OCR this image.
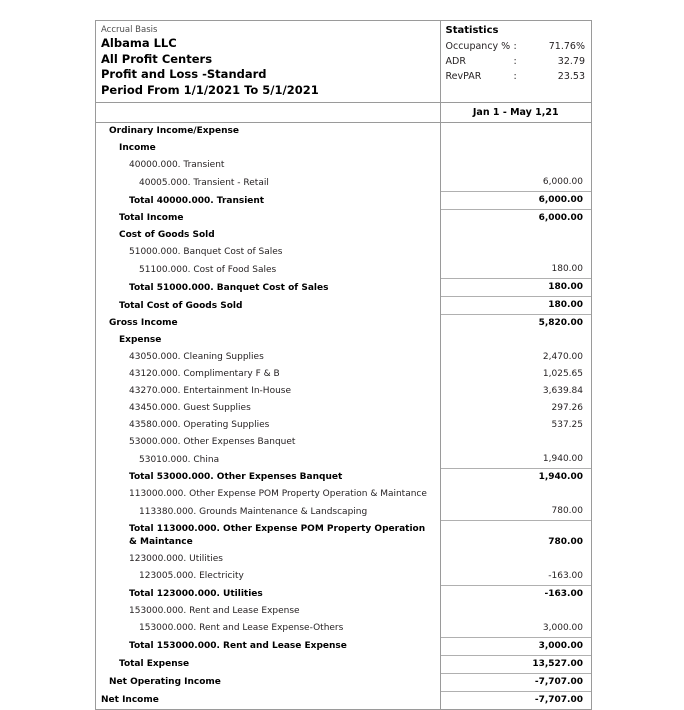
Accrual Basis
Albama LLC
All Profit Centers
Profit and Loss -Standard
Period From 1/1/2021 To 5/1/2021

Statistics
Occupancy % :	71.76%
ADR	:	32.79
RevPAR	:	23.53

	Jan 1 - May 1,21
Ordinary Income/Expense	
Income	
40000.000. Transient	
40005.000. Transient - Retail	6,000.00
Total 40000.000. Transient	6,000.00
Total Income	6,000.00
Cost of Goods Sold	
51000.000. Banquet Cost of Sales	
51100.000. Cost of Food Sales	180.00
Total 51000.000. Banquet Cost of Sales	180.00
Total Cost of Goods Sold	180.00
Gross Income	5,820.00
Expense	
43050.000. Cleaning Supplies	2,470.00
43120.000. Complimentary F & B	1,025.65
43270.000. Entertainment In-House	3,639.84
43450.000. Guest Supplies	297.26
43580.000. Operating Supplies	537.25
53000.000. Other Expenses Banquet	
53010.000. China	1,940.00
Total 53000.000. Other Expenses Banquet	1,940.00
113000.000. Other Expense POM Property Operation & Maintance	
113380.000. Grounds Maintenance & Landscaping	780.00
Total 113000.000. Other Expense POM Property Operation & Maintance	780.00
123000.000. Utilities	
123005.000. Electricity	-163.00
Total 123000.000. Utilities	-163.00
153000.000. Rent and Lease Expense	
153000.000. Rent and Lease Expense-Others	3,000.00
Total 153000.000. Rent and Lease Expense	3,000.00
Total Expense	13,527.00
Net Operating Income	-7,707.00
Net Income	-7,707.00
